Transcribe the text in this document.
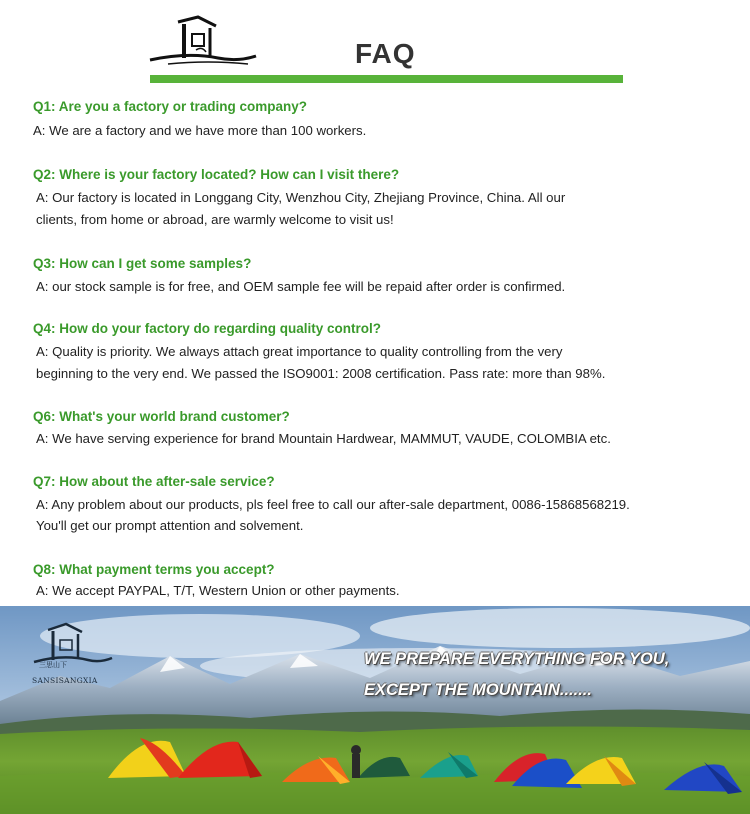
FAQ
Q1: Are you a factory or trading company?
A: We are a factory and we have more than 100 workers.
Q2: Where is your factory located? How can I visit there?
A: Our factory is located in Longgang City, Wenzhou City, Zhejiang Province, China. All our
clients, from home or abroad, are warmly welcome to visit us!
Q3: How can I get some samples?
A: our stock sample is for free, and OEM sample fee will be repaid after order is confirmed.
Q4: How do your factory do regarding quality control?
A: Quality is priority. We always attach great importance to quality controlling from the very
beginning to the very end. We passed the ISO9001: 2008 certification. Pass rate: more than 98%.
Q6: What's your world brand customer?
A: We have serving experience for brand Mountain Hardwear, MAMMUT, VAUDE, COLOMBIA etc.
Q7: How about the after-sale service?
A: Any problem about our products, pls feel free to call our after-sale department, 0086-15868568219.
You'll get our prompt attention and solvement.
Q8: What payment terms you accept?
A: We accept PAYPAL, T/T, Western Union or other payments.
三思山下
SANSISANGXIA
WE PREPARE EVERYTHING FOR YOU,
EXCEPT THE MOUNTAIN.......
